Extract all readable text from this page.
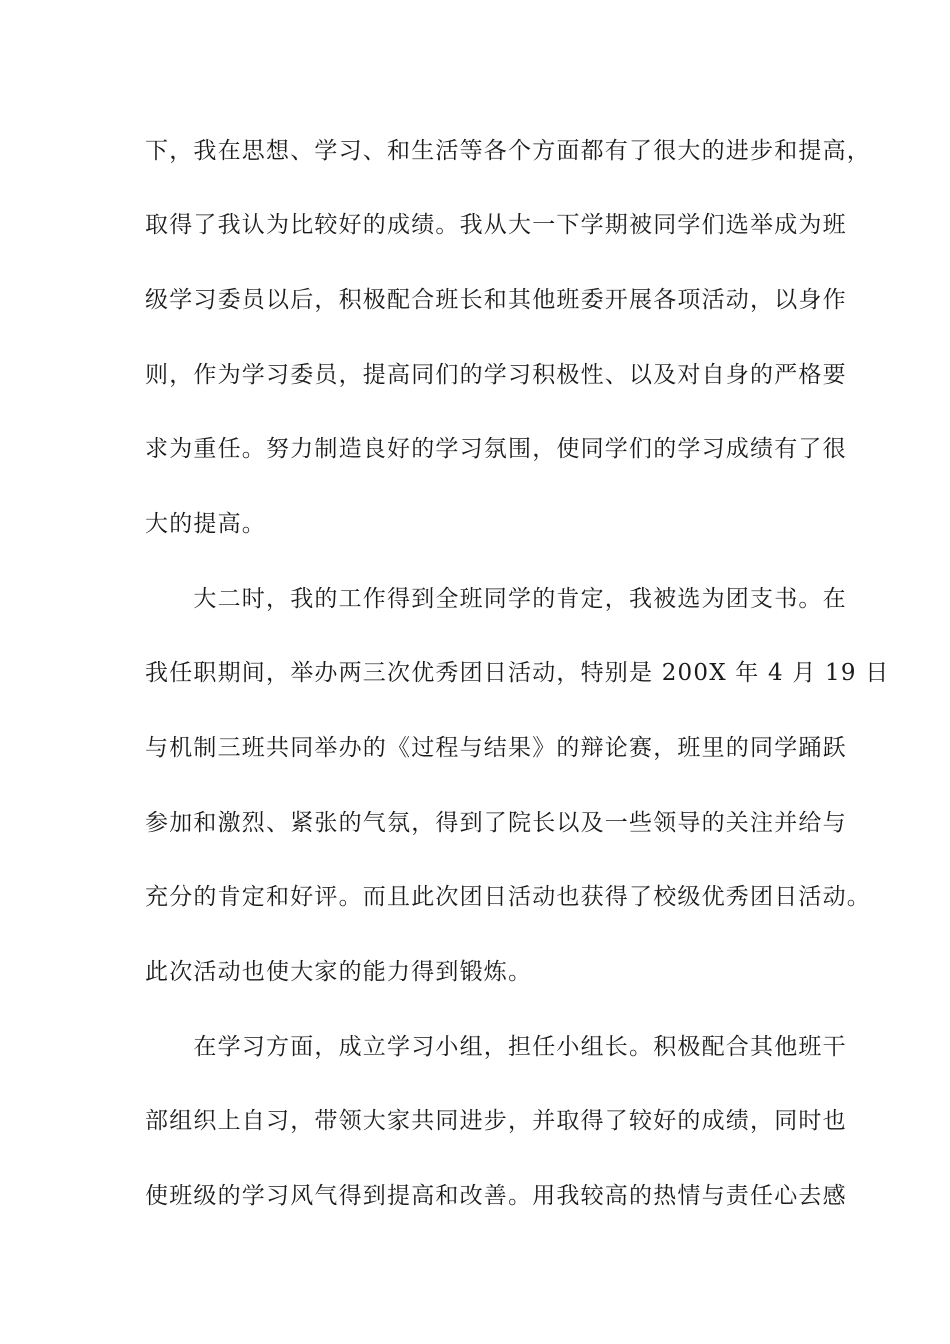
下，我在思想、学习、和生活等各个方面都有了很大的进步和提高，
取得了我认为比较好的成绩。我从大一下学期被同学们选举成为班
级学习委员以后，积极配合班长和其他班委开展各项活动，以身作
则，作为学习委员，提高同们的学习积极性、以及对自身的严格要
求为重任。努力制造良好的学习氛围，使同学们的学习成绩有了很
大的提高。
　　大二时，我的工作得到全班同学的肯定，我被选为团支书。在
我任职期间，举办两三次优秀团日活动，特别是 200X 年 4 月 19 日
与机制三班共同举办的《过程与结果》的辩论赛，班里的同学踊跃
参加和激烈、紧张的气氛，得到了院长以及一些领导的关注并给与
充分的肯定和好评。而且此次团日活动也获得了校级优秀团日活动。
此次活动也使大家的能力得到锻炼。
　　在学习方面，成立学习小组，担任小组长。积极配合其他班干
部组织上自习，带领大家共同进步，并取得了较好的成绩，同时也
使班级的学习风气得到提高和改善。用我较高的热情与责任心去感
